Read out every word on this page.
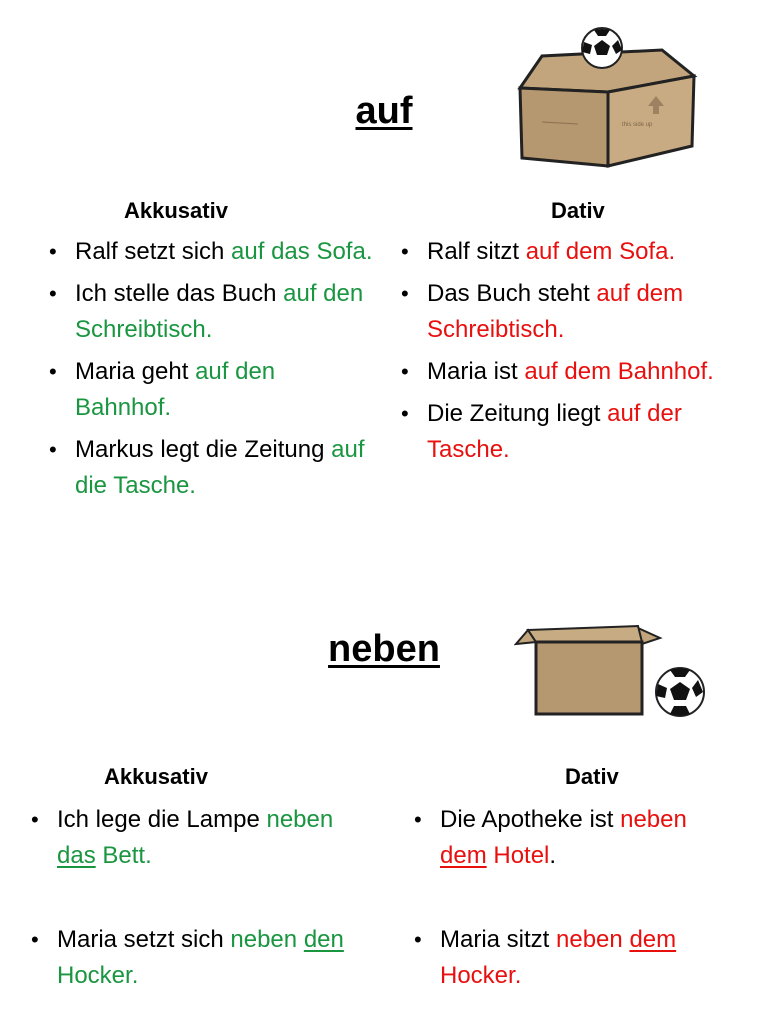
auf	this side up
Akkusativ	Dativ
• Ralf setzt sich auf das Sofa.
• Ich stelle das Buch auf den Schreibtisch.
• Maria geht auf den Bahnhof.
• Markus legt die Zeitung auf die Tasche.
• Ralf sitzt auf dem Sofa.
• Das Buch steht auf dem Schreibtisch.
• Maria ist auf dem Bahnhof.
• Die Zeitung liegt auf der Tasche.
neben
Akkusativ	Dativ
• Ich lege die Lampe neben das Bett.
• Maria setzt sich neben den Hocker.
• Die Apotheke ist neben dem Hotel.
• Maria sitzt neben dem Hocker.
